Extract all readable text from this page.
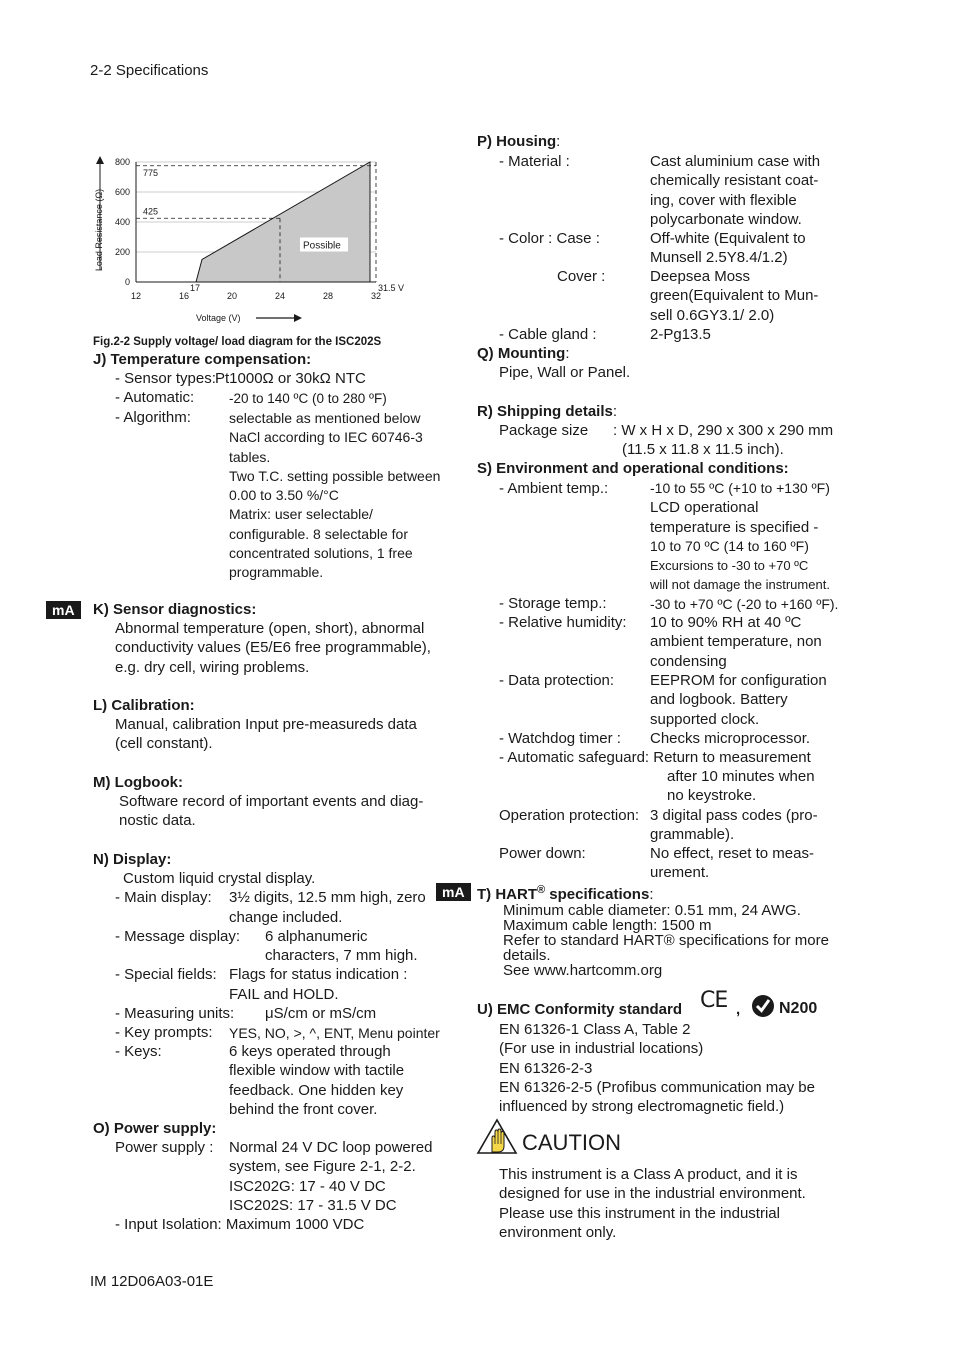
2-2 Specifications
0
200
400
600
800
12	16	20	24	28	32
775
425
17	31.5 V
Possible
Load Resistance (Ω)
Voltage (V)
Fig.2-2 Supply voltage/ load diagram for the ISC202S
J) Temperature compensation:
- Sensor types: Pt1000Ω or 30kΩ NTC
- Automatic:	-20 to 140 ºC (0 to 280 ºF)
- Algorithm:	selectable as mentioned below
NaCl according to IEC 60746-3
tables.
Two T.C. setting possible between
0.00 to 3.50 %/°C
Matrix: user selectable/
configurable. 8 selectable for
concentrated solutions, 1 free
programmable.
mA	K) Sensor diagnostics:
Abnormal temperature (open, short), abnormal
conductivity values (E5/E6 free programmable),
e.g. dry cell, wiring problems.
L) Calibration:
Manual, calibration Input pre-measureds data
(cell constant).
M) Logbook:
Software record of important events and diag-
nostic data.
N) Display:
Custom liquid crystal display.
- Main display: 3½ digits, 12.5 mm high, zero
change included.
- Message display: 6 alphanumeric
characters, 7 mm high.
- Special fields: Flags for status indication :
FAIL and HOLD.
- Measuring units: μS/cm or mS/cm
- Key prompts: YES, NO, >, ^, ENT, Menu pointer
- Keys:	6 keys operated through
flexible window with tactile
feedback. One hidden key
behind the front cover.
O) Power supply:
Power supply : Normal 24 V DC loop powered
system, see Figure 2-1, 2-2.
ISC202G: 17 - 40 V DC
ISC202S: 17 - 31.5 V DC
- Input Isolation: Maximum 1000 VDC
P) Housing:
- Material :	Cast aluminium case with
chemically resistant coat-
ing, cover with flexible
polycarbonate window.
- Color : Case :	Off-white (Equivalent to
Munsell 2.5Y8.4/1.2)
Cover :	Deepsea Moss
green(Equivalent to Mun-
sell 0.6GY3.1/ 2.0)
- Cable gland :	2-Pg13.5
Q) Mounting:
Pipe, Wall or Panel.
R) Shipping details:
Package size : W x H x D, 290 x 300 x 290 mm
(11.5 x 11.8 x 11.5 inch).
S) Environment and operational conditions:
- Ambient temp.:	-10 to 55 ºC (+10 to +130 ºF)
LCD operational
temperature is specified -
10 to 70 ºC (14 to 160 ºF)
Excursions to -30 to +70 ºC
will not damage the instrument.
- Storage temp.:	-30 to +70 ºC (-20 to +160 ºF).
- Relative humidity: 10 to 90% RH at 40 ºC
ambient temperature, non
condensing
- Data protection: EEPROM for configuration
and logbook. Battery
supported clock.
- Watchdog timer : Checks microprocessor.
- Automatic safeguard: Return to measurement
after 10 minutes when
no keystroke.
Operation protection: 3 digital pass codes (pro-
grammable).
Power down:	No effect, reset to meas-
urement.
mA T) HART® specifications:
Minimum cable diameter: 0.51 mm, 24 AWG.
Maximum cable length: 1500 m
Refer to standard HART® specifications for more
details.
See www.hartcomm.org
U) EMC Conformity standard CE , N200
EN 61326-1 Class A, Table 2
(For use in industrial locations)
EN 61326-2-3
EN 61326-2-5 (Profibus communication may be
influenced by strong electromagnetic field.)
CAUTION
This instrument is a Class A product, and it is
designed for use in the industrial environment.
Please use this instrument in the industrial
environment only.
IM 12D06A03-01E
